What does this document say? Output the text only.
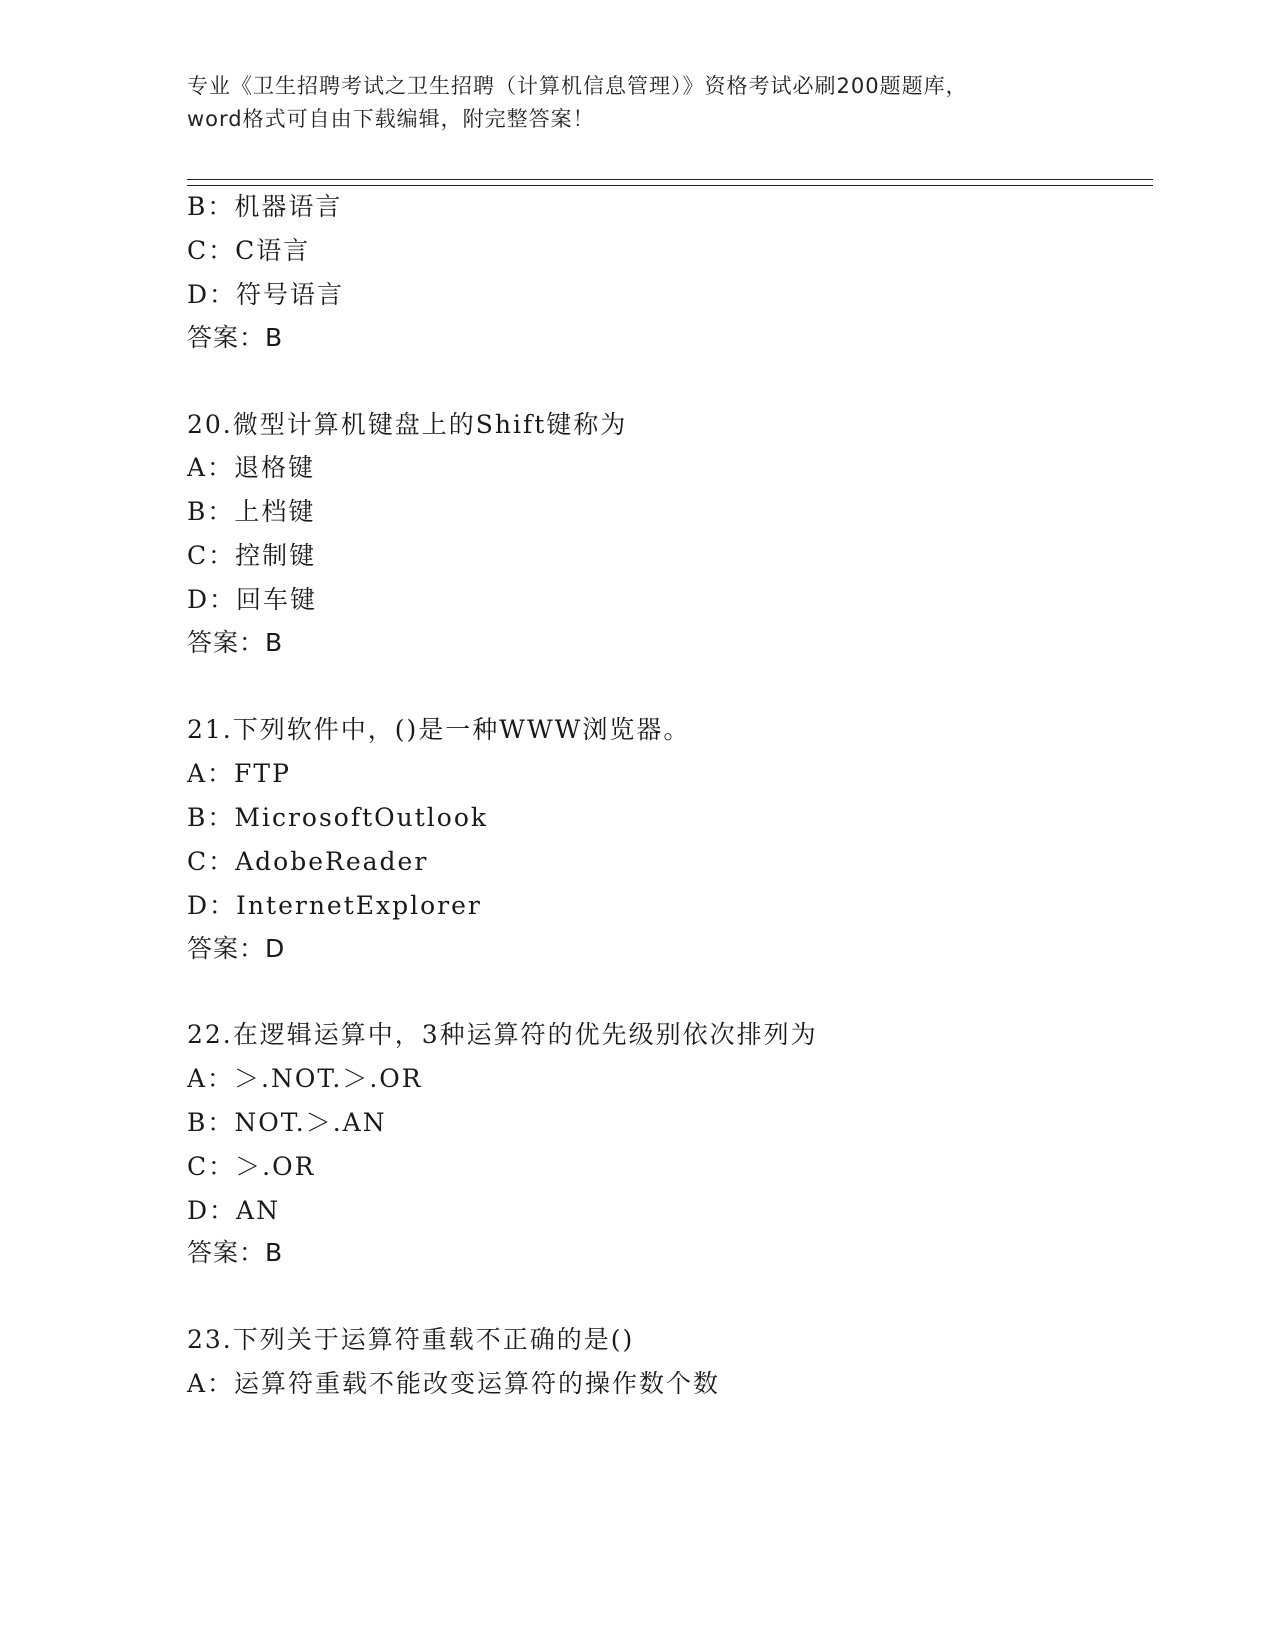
专业《卫生招聘考试之卫生招聘（计算机信息管理）》资格考试必刷200题题库，
word格式可自由下载编辑，附完整答案！
B：机器语言
C：C语言
D：符号语言
答案：B
20.微型计算机键盘上的Shift键称为
A：退格键
B：上档键
C：控制键
D：回车键
答案：B
21.下列软件中，()是一种WWW浏览器。
A：FTP
B：MicrosoftOutlook
C：AdobeReader
D：InternetExplorer
答案：D
22.在逻辑运算中，3种运算符的优先级别依次排列为
A：＞.NOT.＞.OR
B：NOT.＞.AN
C：＞.OR
D：AN
答案：B
23.下列关于运算符重载不正确的是()
A：运算符重载不能改变运算符的操作数个数
